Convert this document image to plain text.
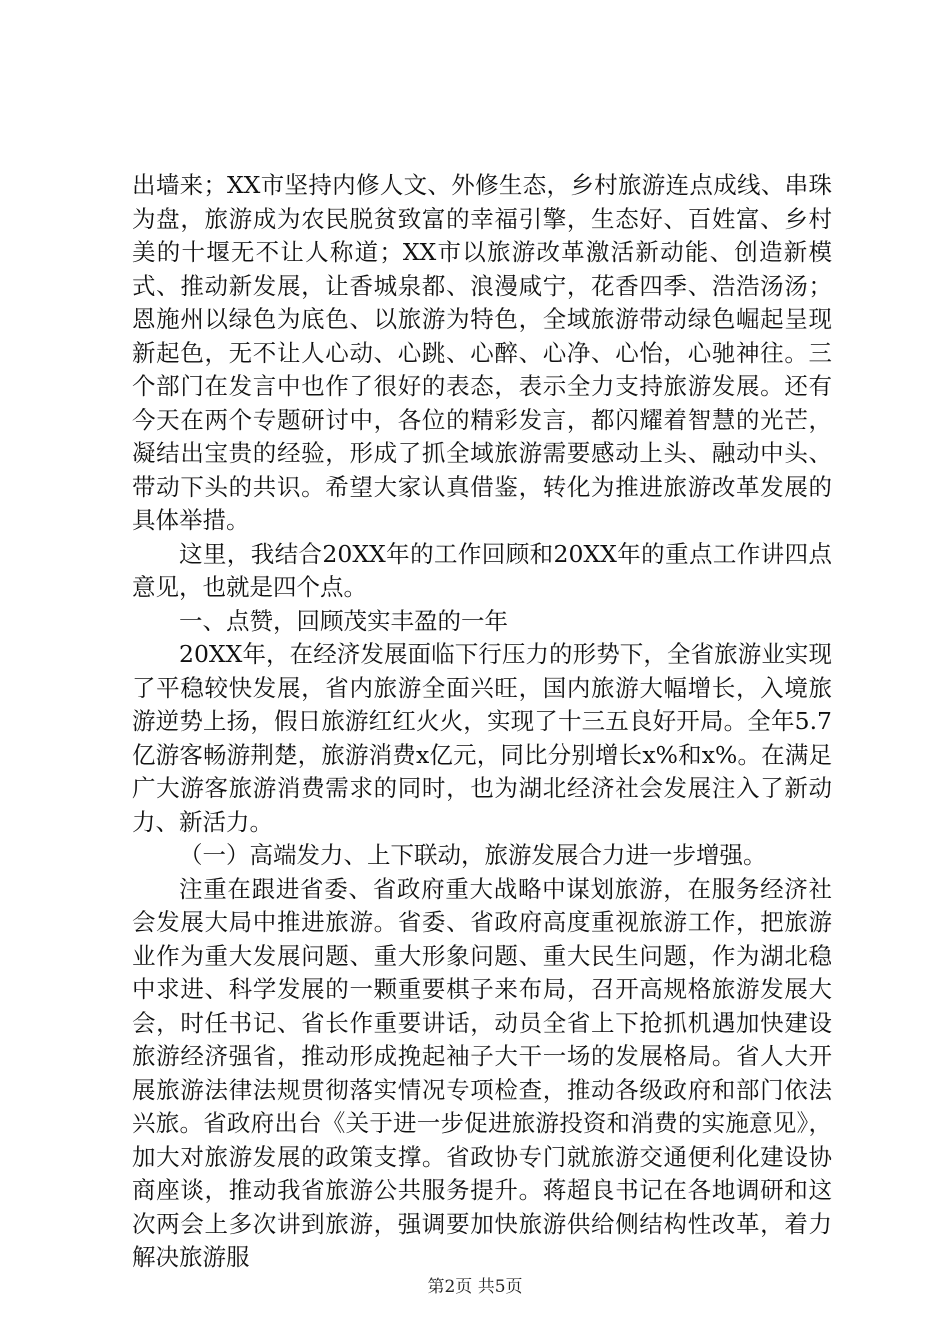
出墙来；XX市坚持内修人文、外修生态，乡村旅游连点成线、串珠为盘，旅游成为农民脱贫致富的幸福引擎，生态好、百姓富、乡村美的十堰无不让人称道；XX市以旅游改革激活新动能、创造新模式、推动新发展，让香城泉都、浪漫咸宁，花香四季、浩浩汤汤；恩施州以绿色为底色、以旅游为特色，全域旅游带动绿色崛起呈现新起色，无不让人心动、心跳、心醉、心净、心怡，心驰神往。三个部门在发言中也作了很好的表态，表示全力支持旅游发展。还有今天在两个专题研讨中，各位的精彩发言，都闪耀着智慧的光芒，凝结出宝贵的经验，形成了抓全域旅游需要感动上头、融动中头、带动下头的共识。希望大家认真借鉴，转化为推进旅游改革发展的具体举措。

这里，我结合20XX年的工作回顾和20XX年的重点工作讲四点意见，也就是四个点。

一、点赞，回顾茂实丰盈的一年

20XX年，在经济发展面临下行压力的形势下，全省旅游业实现了平稳较快发展，省内旅游全面兴旺，国内旅游大幅增长，入境旅游逆势上扬，假日旅游红红火火，实现了十三五良好开局。全年5.7亿游客畅游荆楚，旅游消费x亿元，同比分别增长x%和x%。在满足广大游客旅游消费需求的同时，也为湖北经济社会发展注入了新动力、新活力。

（一）高端发力、上下联动，旅游发展合力进一步增强。

注重在跟进省委、省政府重大战略中谋划旅游，在服务经济社会发展大局中推进旅游。省委、省政府高度重视旅游工作，把旅游业作为重大发展问题、重大形象问题、重大民生问题，作为湖北稳中求进、科学发展的一颗重要棋子来布局，召开高规格旅游发展大会，时任书记、省长作重要讲话，动员全省上下抢抓机遇加快建设旅游经济强省，推动形成挽起袖子大干一场的发展格局。省人大开展旅游法律法规贯彻落实情况专项检查，推动各级政府和部门依法兴旅。省政府出台《关于进一步促进旅游投资和消费的实施意见》，加大对旅游发展的政策支撑。省政协专门就旅游交通便利化建设协商座谈，推动我省旅游公共服务提升。蒋超良书记在各地调研和这次两会上多次讲到旅游，强调要加快旅游供给侧结构性改革，着力解决旅游服

第2页 共5页
